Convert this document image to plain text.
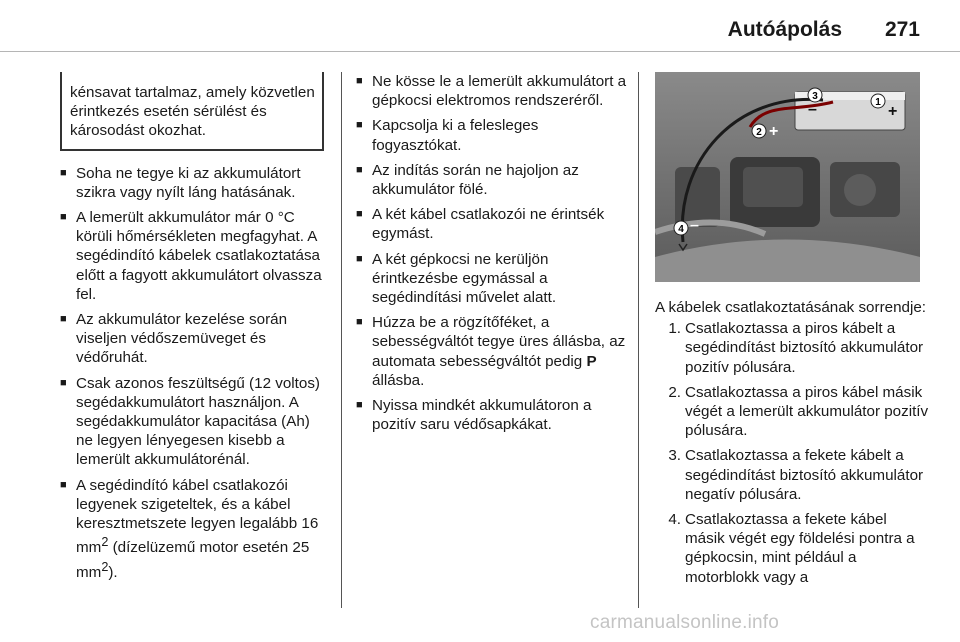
Autóápolás 271

kénsavat tartalmaz, amely közvetlen érintkezés esetén sérülést és károsodást okozhat.

■ Soha ne tegye ki az akkumulátort szikra vagy nyílt láng hatásának.
■ A lemerült akkumulátor már 0 °C körüli hőmérsékleten megfagyhat. A segédindító kábelek csatlakoztatása előtt a fagyott akkumulátort olvassza fel.
■ Az akkumulátor kezelése során viseljen védőszemüveget és védőruhát.
■ Csak azonos feszültségű (12 voltos) segédakkumulátort használjon. A segédakkumulátor kapacitása (Ah) ne legyen lényegesen kisebb a lemerült akkumulátorénál.
■ A segédindító kábel csatlakozói legyenek szigeteltek, és a kábel keresztmetszete legyen legalább 16 $mm^2$ (dízelüzemű motor esetén 25 $mm^2$).
■ Ne kösse le a lemerült akkumulátort a gépkocsi elektromos rendszeréről.
■ Kapcsolja ki a felesleges fogyasztókat.
■ Az indítás során ne hajoljon az akkumulátor fölé.
■ A két kábel csatlakozói ne érintsék egymást.
■ A két gépkocsi ne kerüljön érintkezésbe egymással a segédindítási művelet alatt.
■ Húzza be a rögzítőféket, a sebességváltót tegye üres állásba, az automata sebességváltót pedig P állásba.
■ Nyissa mindkét akkumulátoron a pozitív saru védősapkákat.
1
+
3
–
2 +
4 –

A kábelek csatlakoztatásának sorrendje:

1. Csatlakoztassa a piros kábelt a segédindítást biztosító akkumulátor pozitív pólusára.
2. Csatlakoztassa a piros kábel másik végét a lemerült akkumulátor pozitív pólusára.
3. Csatlakoztassa a fekete kábelt a segédindítást biztosító akkumulátor negatív pólusára.
4. Csatlakoztassa a fekete kábel másik végét egy földelési pontra a gépkocsin, mint például a motorblokk vagy a
carmanualsonline.info
